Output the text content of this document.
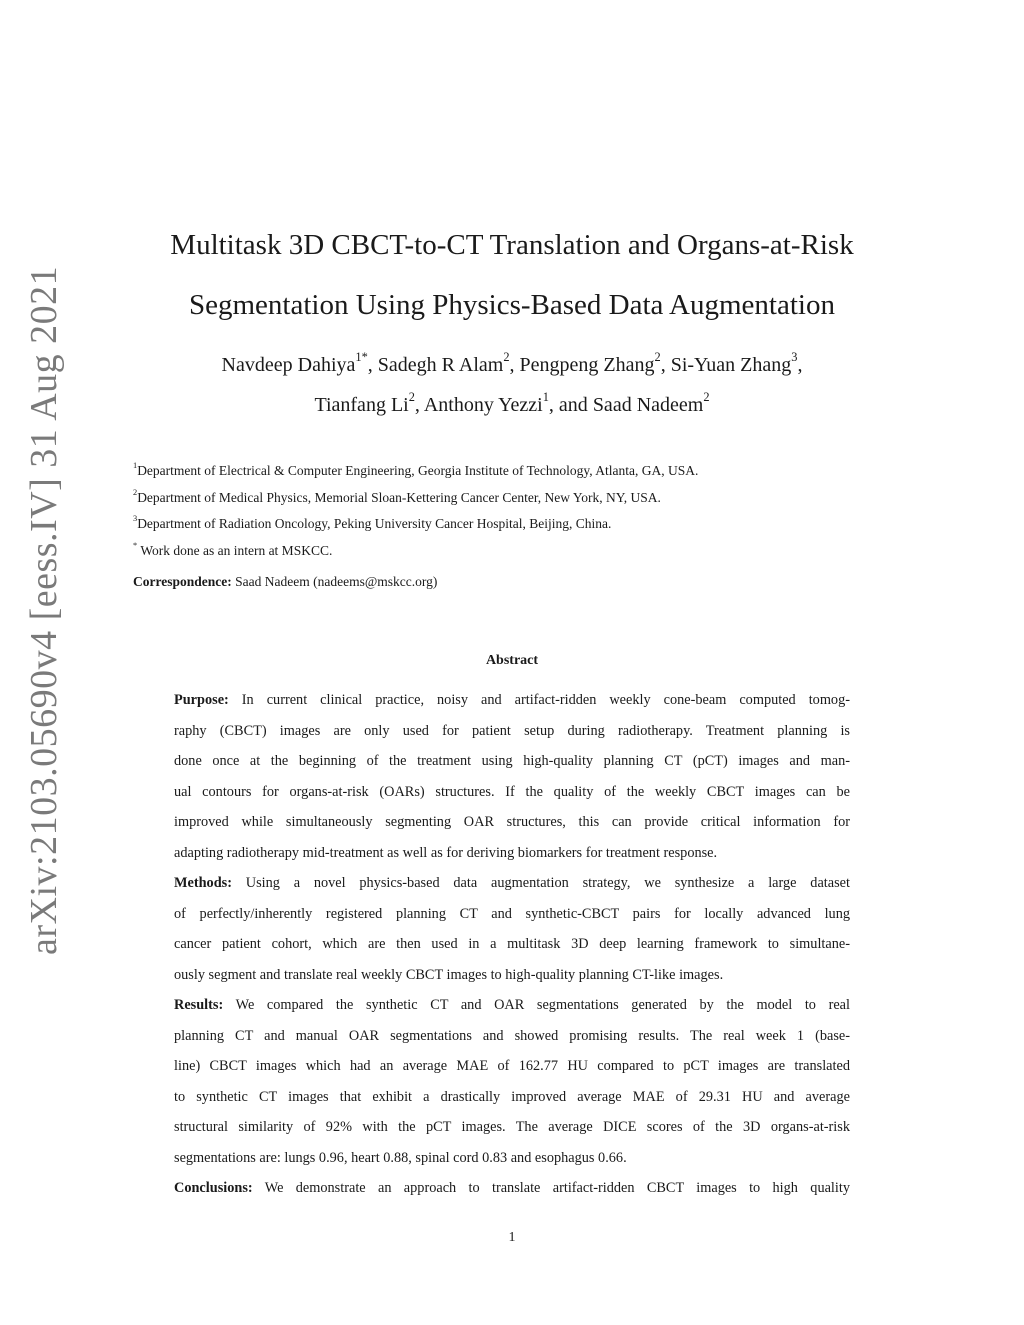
arXiv:2103.05690v4 [eess.IV] 31 Aug 2021
Multitask 3D CBCT-to-CT Translation and Organs-at-Risk
Segmentation Using Physics-Based Data Augmentation
Navdeep Dahiya$^{1*}$, Sadegh R Alam$^2$, Pengpeng Zhang$^2$, Si-Yuan Zhang$^3$,
Tianfang Li$^2$, Anthony Yezzi$^1$, and Saad Nadeem$^2$
$^1$Department of Electrical & Computer Engineering, Georgia Institute of Technology, Atlanta, GA, USA.
$^2$Department of Medical Physics, Memorial Sloan-Kettering Cancer Center, New York, NY, USA.
$^3$Department of Radiation Oncology, Peking University Cancer Hospital, Beijing, China.
* Work done as an intern at MSKCC.
Correspondence: Saad Nadeem (nadeems@mskcc.org)
Abstract
Purpose: In current clinical practice, noisy and artifact-ridden weekly cone-beam computed tomog-
raphy (CBCT) images are only used for patient setup during radiotherapy. Treatment planning is
done once at the beginning of the treatment using high-quality planning CT (pCT) images and man-
ual contours for organs-at-risk (OARs) structures. If the quality of the weekly CBCT images can be
improved while simultaneously segmenting OAR structures, this can provide critical information for
adapting radiotherapy mid-treatment as well as for deriving biomarkers for treatment response.
Methods: Using a novel physics-based data augmentation strategy, we synthesize a large dataset
of perfectly/inherently registered planning CT and synthetic-CBCT pairs for locally advanced lung
cancer patient cohort, which are then used in a multitask 3D deep learning framework to simultane-
ously segment and translate real weekly CBCT images to high-quality planning CT-like images.
Results: We compared the synthetic CT and OAR segmentations generated by the model to real
planning CT and manual OAR segmentations and showed promising results. The real week 1 (base-
line) CBCT images which had an average MAE of 162.77 HU compared to pCT images are translated
to synthetic CT images that exhibit a drastically improved average MAE of 29.31 HU and average
structural similarity of 92% with the pCT images. The average DICE scores of the 3D organs-at-risk
segmentations are: lungs 0.96, heart 0.88, spinal cord 0.83 and esophagus 0.66.
Conclusions: We demonstrate an approach to translate artifact-ridden CBCT images to high quality
1
